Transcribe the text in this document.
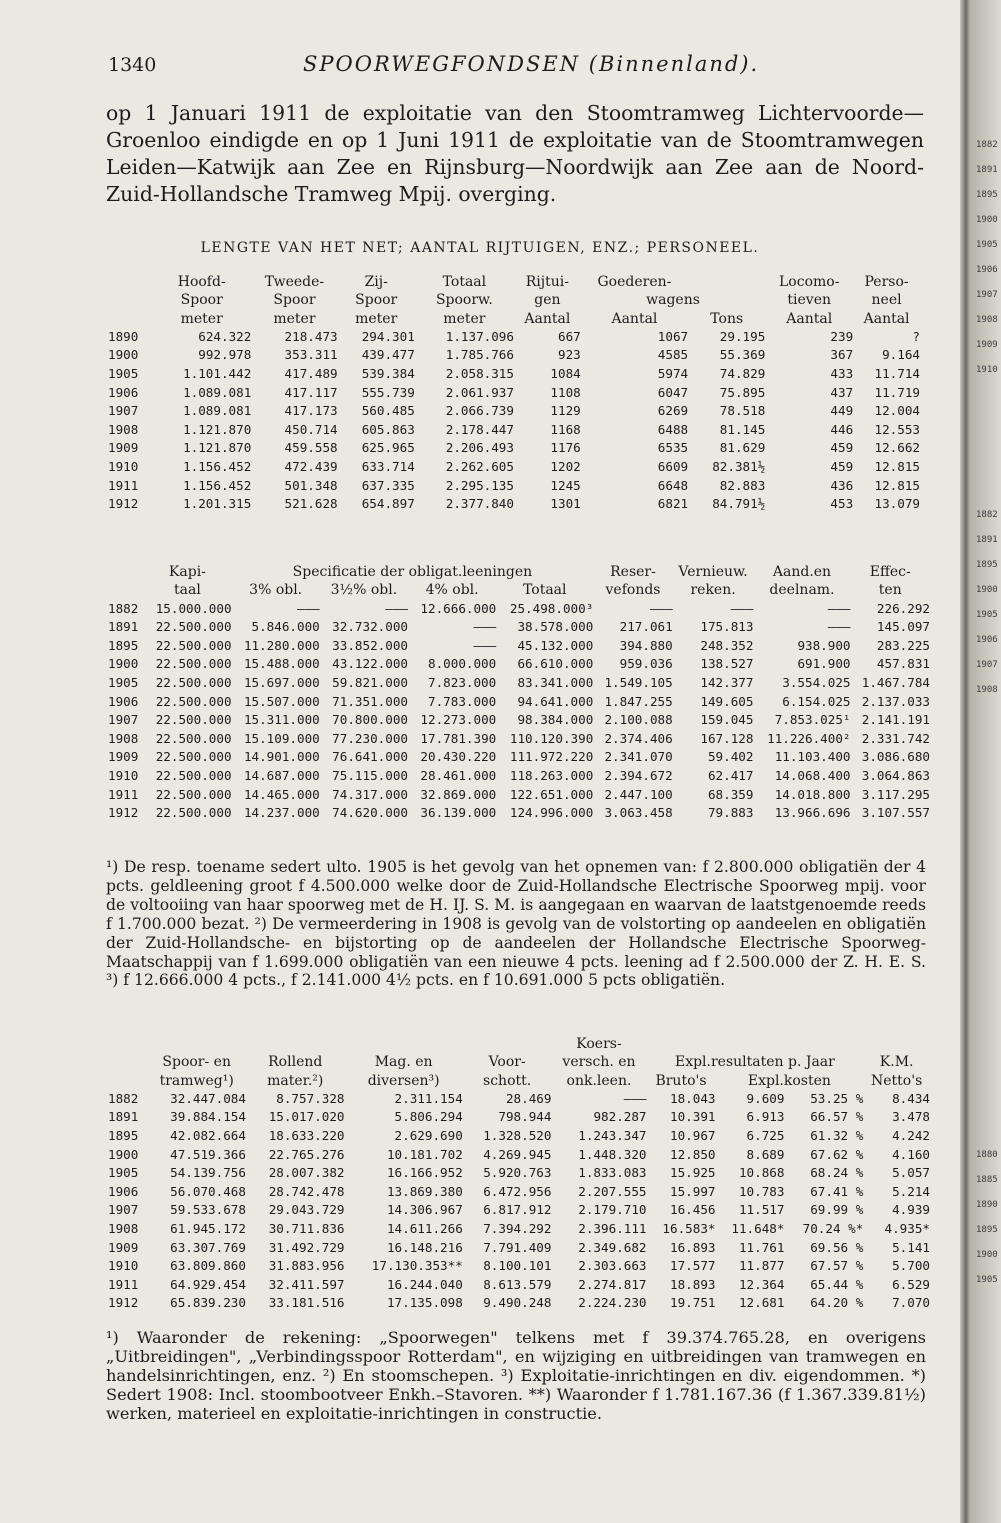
1340	SPOORWEGFONDSEN (Binnenland).

op 1 Januari 1911 de exploitatie van den Stoomtramweg Lichtervoorde—Groenloo eindigde en op 1 Juni 1911 de exploitatie van de Stoomtramwegen Leiden—Katwijk aan Zee en Rijnsburg—Noordwijk aan Zee aan de Noord-Zuid-Hollandsche Tramweg Mpij. overging.

LENGTE VAN HET NET; AANTAL RIJTUIGEN, ENZ.; PERSONEEL.
	Hoofd-	Tweede-	Zij-	Totaal	Rijtui-	Goederen-		Locomo-	Perso-
	Spoor	Spoor	Spoor	Spoorw.	gen	wagens		tieven	neel
	meter	meter	meter	meter	Aantal	Aantal	Tons	Aantal	Aantal
1890	624.322	218.473	294.301	1.137.096	667	1067	29.195	239	?
1900	992.978	353.311	439.477	1.785.766	923	4585	55.369	367	9.164
1905	1.101.442	417.489	539.384	2.058.315	1084	5974	74.829	433	11.714
1906	1.089.081	417.117	555.739	2.061.937	1108	6047	75.895	437	11.719
1907	1.089.081	417.173	560.485	2.066.739	1129	6269	78.518	449	12.004
1908	1.121.870	450.714	605.863	2.178.447	1168	6488	81.145	446	12.553
1909	1.121.870	459.558	625.965	2.206.493	1176	6535	81.629	459	12.662
1910	1.156.452	472.439	633.714	2.262.605	1202	6609	82.381½	459	12.815
1911	1.156.452	501.348	637.335	2.295.135	1245	6648	82.883	436	12.815
1912	1.201.315	521.628	654.897	2.377.840	1301	6821	84.791½	453	13.079
	Kapi-	Specificatie der obligat.leeningen				Reser-	Vernieuw.	Aand.en	Effec-
	taal	3% obl.	3½% obl.	4% obl.	Totaal	vefonds	reken.	deelnam.	ten
1882	15.000.000	———	———	12.666.000	25.498.000³	———	———	———	226.292
1891	22.500.000	5.846.000	32.732.000	———	38.578.000	217.061	175.813	———	145.097
1895	22.500.000	11.280.000	33.852.000	———	45.132.000	394.880	248.352	938.900	283.225
1900	22.500.000	15.488.000	43.122.000	8.000.000	66.610.000	959.036	138.527	691.900	457.831
1905	22.500.000	15.697.000	59.821.000	7.823.000	83.341.000	1.549.105	142.377	3.554.025	1.467.784
1906	22.500.000	15.507.000	71.351.000	7.783.000	94.641.000	1.847.255	149.605	6.154.025	2.137.033
1907	22.500.000	15.311.000	70.800.000	12.273.000	98.384.000	2.100.088	159.045	7.853.025¹	2.141.191
1908	22.500.000	15.109.000	77.230.000	17.781.390	110.120.390	2.374.406	167.128	11.226.400²	2.331.742
1909	22.500.000	14.901.000	76.641.000	20.430.220	111.972.220	2.341.070	59.402	11.103.400	3.086.680
1910	22.500.000	14.687.000	75.115.000	28.461.000	118.263.000	2.394.672	62.417	14.068.400	3.064.863
1911	22.500.000	14.465.000	74.317.000	32.869.000	122.651.000	2.447.100	68.359	14.018.800	3.117.295
1912	22.500.000	14.237.000	74.620.000	36.139.000	124.996.000	3.063.458	79.883	13.966.696	3.107.557

¹) De resp. toename sedert ulto. 1905 is het gevolg van het opnemen van: f 2.800.000 obligatiën der 4 pcts. geldleening groot f 4.500.000 welke door de Zuid-Hollandsche Electrische Spoorweg mpij. voor de voltooiing van haar spoorweg met de H. IJ. S. M. is aangegaan en waarvan de laatstgenoemde reeds f 1.700.000 bezat. ²) De vermeerdering in 1908 is gevolg van de volstorting op aandeelen en obligatiën der Zuid-Hollandsche- en bijstorting op de aandeelen der Hollandsche Electrische Spoorweg-Maatschappij van f 1.699.000 obligatiën van een nieuwe 4 pcts. leening ad f 2.500.000 der Z. H. E. S. ³) f 12.666.000 4 pcts., f 2.141.000 4½ pcts. en f 10.691.000 5 pcts obligatiën.

					Koers-				
	Spoor- en	Rollend	Mag. en	Voor-	versch. en	Expl.resultaten p. Jaar			K.M.
	tramweg¹)	mater.²)	diversen³)	schott.	onk.leen.	Bruto's	Expl.kosten		Netto's
1882	32.447.084	8.757.328	2.311.154	28.469	———	18.043	9.609	53.25 %	8.434
1891	39.884.154	15.017.020	5.806.294	798.944	982.287	10.391	6.913	66.57 %	3.478
1895	42.082.664	18.633.220	2.629.690	1.328.520	1.243.347	10.967	6.725	61.32 %	4.242
1900	47.519.366	22.765.276	10.181.702	4.269.945	1.448.320	12.850	8.689	67.62 %	4.160
1905	54.139.756	28.007.382	16.166.952	5.920.763	1.833.083	15.925	10.868	68.24 %	5.057
1906	56.070.468	28.742.478	13.869.380	6.472.956	2.207.555	15.997	10.783	67.41 %	5.214
1907	59.533.678	29.043.729	14.306.967	6.817.912	2.179.710	16.456	11.517	69.99 %	4.939
1908	61.945.172	30.711.836	14.611.266	7.394.292	2.396.111	16.583*	11.648*	70.24 %*	4.935*
1909	63.307.769	31.492.729	16.148.216	7.791.409	2.349.682	16.893	11.761	69.56 %	5.141
1910	63.809.860	31.883.956	17.130.353**	8.100.101	2.303.663	17.577	11.877	67.57 %	5.700
1911	64.929.454	32.411.597	16.244.040	8.613.579	2.274.817	18.893	12.364	65.44 %	6.529
1912	65.839.230	33.181.516	17.135.098	9.490.248	2.224.230	19.751	12.681	64.20 %	7.070

¹) Waaronder de rekening: „Spoorwegen" telkens met f 39.374.765.28, en overigens „Uitbreidingen", „Verbindingsspoor Rotterdam", en wijziging en uitbreidingen van tramwegen en handelsinrichtingen, enz. ²) En stoomschepen. ³) Exploitatie-inrichtingen en div. eigendommen. *) Sedert 1908: Incl. stoombootveer Enkh.–Stavoren. **) Waaronder f 1.781.167.36 (f 1.367.339.81½) werken, materieel en exploitatie-inrichtingen in constructie.

1882
1891
1895
1900
1905
1906
1907
1908
1909
1910
1882
1891
1895
1900
1905
1906
1907
1908
1880
1885
1890
1895
1900
1905
